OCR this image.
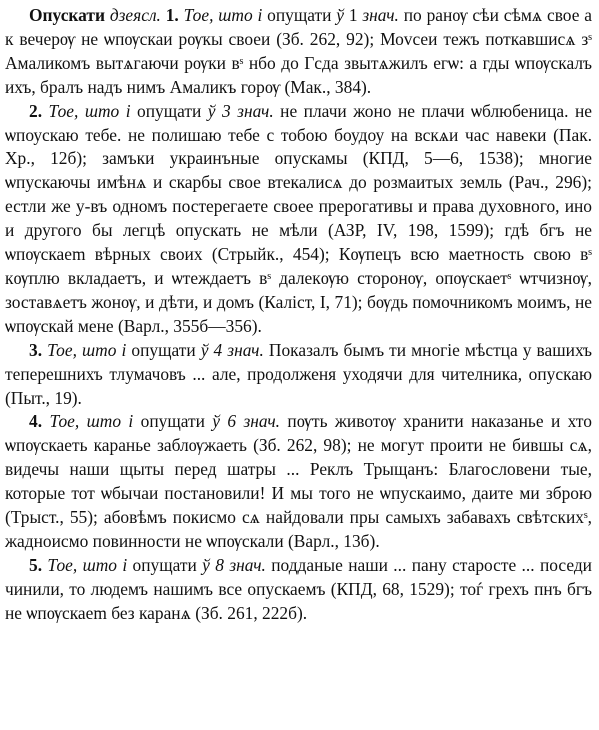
Опускати дзеясл. 1. Тое, што і опущати ў 1 знач. по ранѹ сѣи сѣмѧ свое а к вечерѹ не ѡпѹскаи рѹкы своеи (Зб. 262, 92); Моvсеи тежъ поткавшисѧ зˢ Амаликомъ вытѧгаючи рѹки вˢ нбо до Гсда звытѧжилъ егѡ: а гды ѡпѹскалъ ихъ, бралъ надъ нимъ Амаликъ горѹ (Мак., 384).

2. Тое, што і опущати ў 3 знач. не плачи жоно не плачи ѡблюбеница. не ѡпоускаю тебе. не полишаю тебе с тобою боудоу на вскѧи час навеки (Пак. Хр., 12б); замъки украинъные опускамы (КПД, 5—6, 1538); многие ѡпускаючы имѣнѧ и скарбы свое втекалисѧ до розмаитых земль (Рач., 296); естли же у-въ одномъ постерегаете своее прерогативы и права духовного, ино и другого бы легцѣ опускать не мѣли (АЗР, IV, 198, 1599); гдѣ бгъ не ѡпѹскаеm вѣрных своих (Стрыйк., 454); Кѹпецъ всю маетность свою вˢ кѹплю вкладаетъ, и ѡтеждаетъ вˢ далекѹю сторонѹ, опѹскаетˢ ѡтчизнѹ, зоставѧетъ жонѹ, и дѣти, и домъ (Калiст, I, 71); бѹдь помочникомъ моимъ, не ѡпѹскай мене (Варл., 355б—356).

3. Тое, што і опущати ў 4 знач. Показалъ бымъ ти многiе мѣстца у вашихъ теперешнихъ тлумачовъ ... але, продолженя уходячи для чителника, опускаю (Пыт., 19).

4. Тое, што і опущати ў 6 знач. пѹть животѹ хранити наказанье и хто ѡпѹскаеть каранье заблѹжаеть (Зб. 262, 98); не могут проити не бившы сѧ, видечы наши щыты перед шатры ... Реклъ Трыщанъ: Благословени тые, которые тот ѡбычаи постановили! И мы того не ѡпускаимо, даите ми зброю (Трыст., 55); абовѣмъ покисмо сѧ найдовали пры самыхъ забавахъ свѣтскихˢ, жадноисмо повинности не ѡпѹскали (Варл., 13б).

5. Тое, што і опущати ў 8 знач. подданые наши ... пану старосте ... поседи чинили, то людемъ нашимъ все опускаемъ (КПД, 68, 1529); тоѓ грехъ пнъ бгъ не ѡпѹскаеm без каранѧ (Зб. 261, 222б).
